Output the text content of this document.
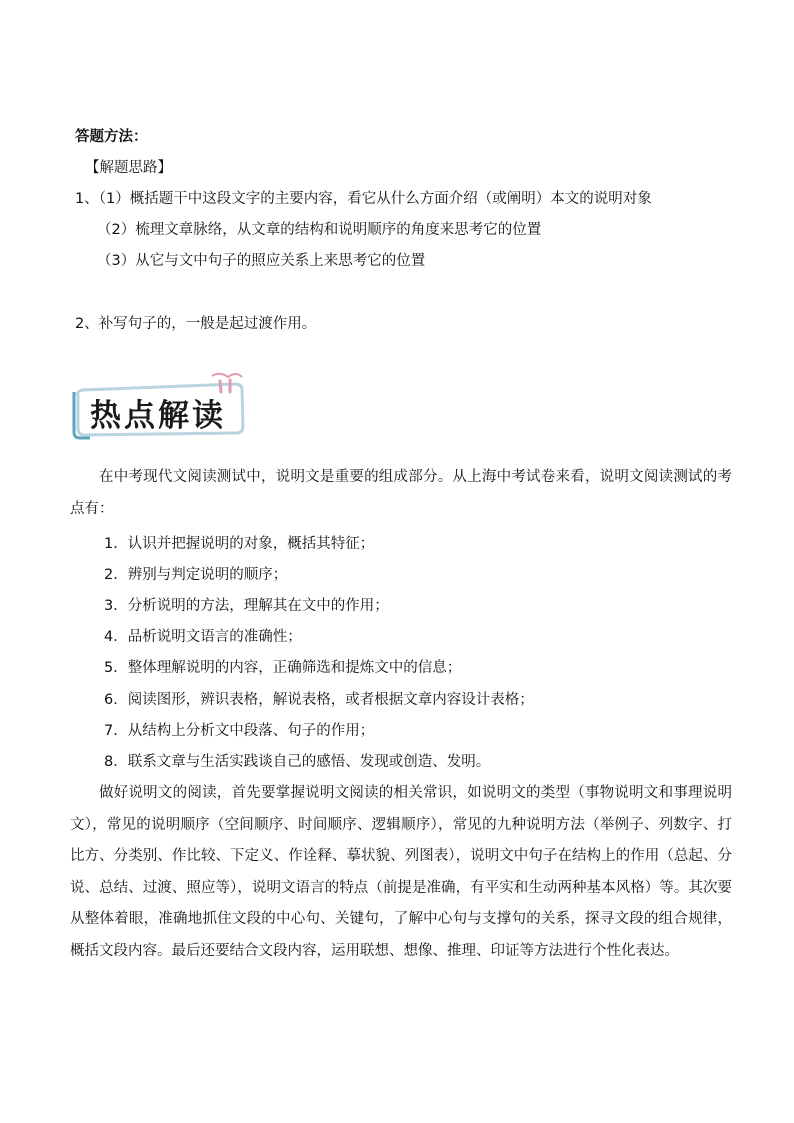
答题方法：
【解题思路】
1、（1）概括题干中这段文字的主要内容，看它从什么方面介绍（或阐明）本文的说明对象
（2）梳理文章脉络，从文章的结构和说明顺序的角度来思考它的位置
（3）从它与文中句子的照应关系上来思考它的位置
2、补写句子的，一般是起过渡作用。
热点解读
在中考现代文阅读测试中，说明文是重要的组成部分。从上海中考试卷来看，说明文阅读测试的考点有：
1．认识并把握说明的对象，概括其特征；
2．辨别与判定说明的顺序；
3．分析说明的方法，理解其在文中的作用；
4．品析说明文语言的准确性；
5．整体理解说明的内容，正确筛选和提炼文中的信息；
6．阅读图形，辨识表格，解说表格，或者根据文章内容设计表格；
7．从结构上分析文中段落、句子的作用；
8．联系文章与生活实践谈自己的感悟、发现或创造、发明。
做好说明文的阅读，首先要掌握说明文阅读的相关常识，如说明文的类型（事物说明文和事理说明文），常见的说明顺序（空间顺序、时间顺序、逻辑顺序），常见的九种说明方法（举例子、列数字、打比方、分类别、作比较、下定义、作诠释、摹状貌、列图表），说明文中句子在结构上的作用（总起、分说、总结、过渡、照应等），说明文语言的特点（前提是准确，有平实和生动两种基本风格）等。其次要从整体着眼，准确地抓住文段的中心句、关键句，了解中心句与支撑句的关系，探寻文段的组合规律，概括文段内容。最后还要结合文段内容，运用联想、想像、推理、印证等方法进行个性化表达。
